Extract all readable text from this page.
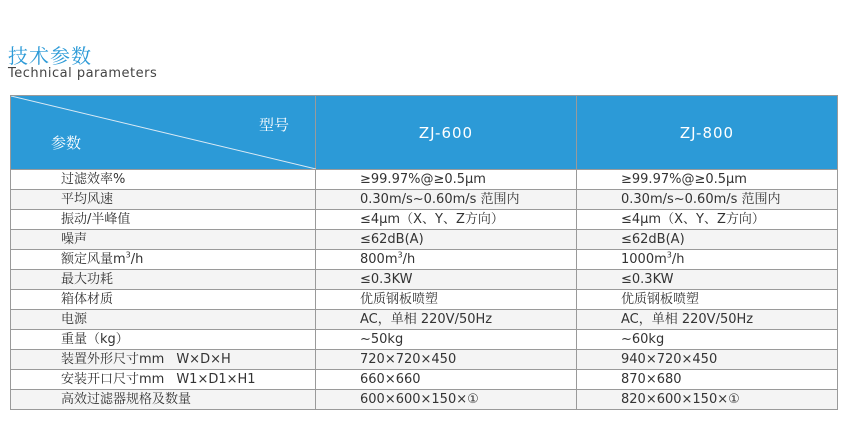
技术参数
Technical parameters
型号
参数	ZJ-600	ZJ-800
过滤效率%	≥99.97%@≥0.5μm	≥99.97%@≥0.5μm
平均风速	0.30m/s~0.60m/s 范围内	0.30m/s~0.60m/s 范围内
振动/半峰值	≤4μm（X、Y、Z方向）	≤4μm（X、Y、Z方向）
噪声	≤62dB(A)	≤62dB(A)
额定风量$m^3/h$	$800m^3/h$	$1000m^3/h$
最大功耗	≤0.3KW	≤0.3KW
箱体材质	优质钢板喷塑	优质钢板喷塑
电源	AC，单相 220V/50Hz	AC，单相 220V/50Hz
重量（kg）	~50kg	~60kg
装置外形尺寸mm W×D×H	720×720×450	940×720×450
安装开口尺寸mm W1×D1×H1	660×660	870×680
高效过滤器规格及数量	600×600×150×①	820×600×150×①
